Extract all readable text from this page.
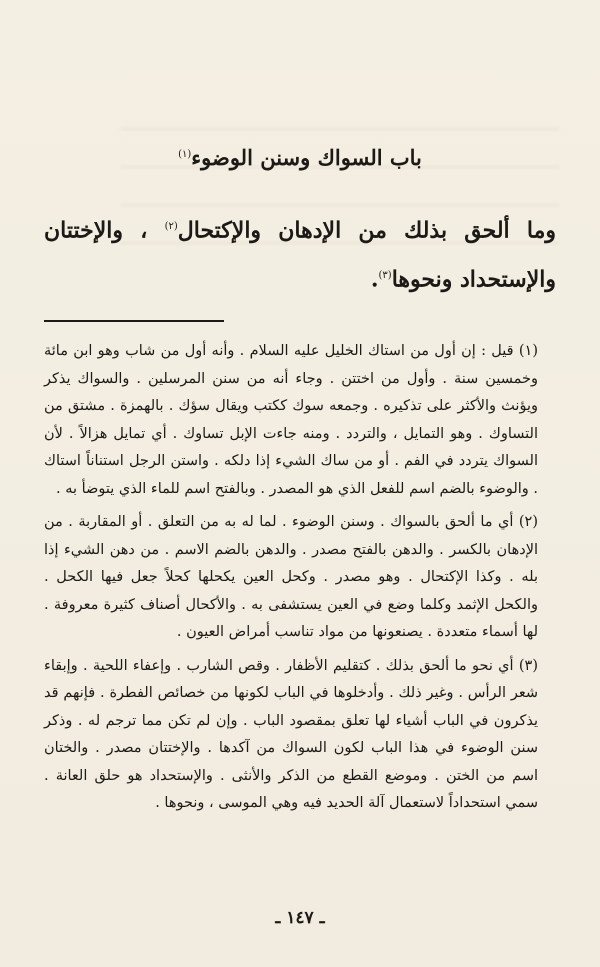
باب السواك وسنن الوضوء$^{(١)}$
وما ألحق بذلك من الإدهان والإكتحال$^{(٢)}$ ، والإختتان والإستحداد ونحوها$^{(٣)}$.

(١) قيل : إن أول من استاك الخليل عليه السلام . وأنه أول من شاب وهو ابن مائة وخمسين سنة . وأول من اختتن . وجاء أنه من سنن المرسلين . والسواك يذكر ويؤنث والأكثر على تذكيره . وجمعه سوك ككتب ويقال سؤك . بالهمزة . مشتق من التساوك . وهو التمايل ، والتردد . ومنه جاءت الإبل تساوك . أي تمايل هزالاً . لأن السواك يتردد في الفم . أو من ساك الشيء إذا دلكه . واستن الرجل استناناً استاك . والوضوء بالضم اسم للفعل الذي هو المصدر . وبالفتح اسم للماء الذي يتوضأ به .

(٢) أي ما ألحق بالسواك . وسنن الوضوء . لما له به من التعلق . أو المقاربة . من الإدهان بالكسر . والدهن بالفتح مصدر . والدهن بالضم الاسم . من دهن الشيء إذا بله . وكذا الإكتحال . وهو مصدر . وكحل العين يكحلها كحلاً جعل فيها الكحل . والكحل الإثمد وكلما وضع في العين يستشفى به . والأكحال أصناف كثيرة معروفة . لها أسماء متعددة . يصنعونها من مواد تناسب أمراض العيون .

(٣) أي نحو ما ألحق بذلك . كتقليم الأظفار . وقص الشارب . وإعفاء اللحية . وإبقاء شعر الرأس . وغير ذلك . وأدخلوها في الباب لكونها من خصائص الفطرة . فإنهم قد يذكرون في الباب أشياء لها تعلق بمقصود الباب . وإن لم تكن مما ترجم له . وذكر سنن الوضوء في هذا الباب لكون السواك من آكدها . والإختتان مصدر . والختان اسم من الختن . وموضع القطع من الذكر والأنثى . والإستحداد هو حلق العانة . سمي استحداداً لاستعمال آلة الحديد فيه وهي الموسى ، ونحوها .

ـ ١٤٧ ـ
